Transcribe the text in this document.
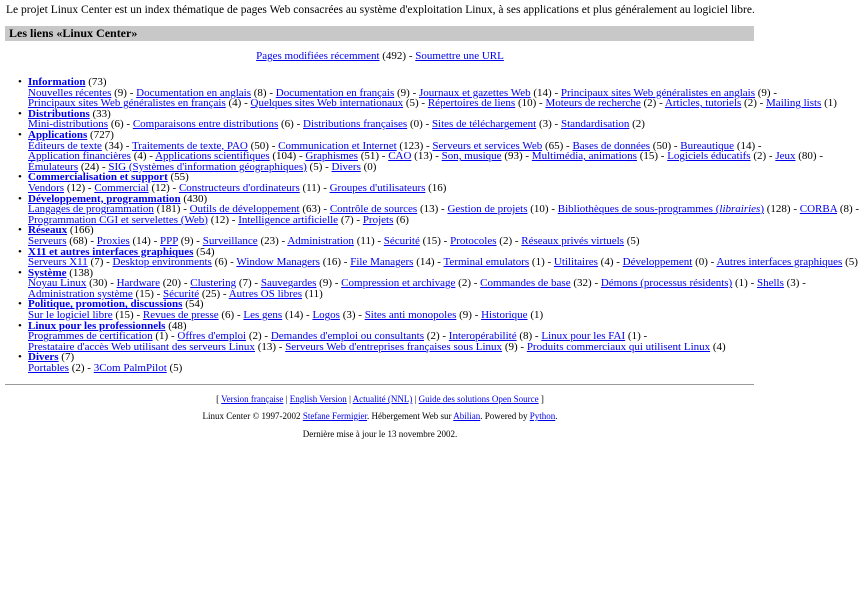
Le projet Linux Center est un index thématique de pages Web consacrées au système d'exploitation Linux, à ses applications et plus généralement au logiciel libre.
Les liens «Linux Center»
Pages modifiées récemment (492) - Soumettre une URL
• Information (73)
Nouvelles récentes (9) - Documentation en anglais (8) - Documentation en français (9) - Journaux et gazettes Web (14) - Principaux sites Web généralistes en anglais (9) -
Principaux sites Web généralistes en français (4) - Quelques sites Web internationaux (5) - Répertoires de liens (10) - Moteurs de recherche (2) - Articles, tutoriels (2) - Mailing lists (1)
• Distributions (33)
Mini-distributions (6) - Comparaisons entre distributions (6) - Distributions françaises (0) - Sites de téléchargement (3) - Standardisation (2)
• Applications (727)
Éditeurs de texte (34) - Traitements de texte, PAO (50) - Communication et Internet (123) - Serveurs et services Web (65) - Bases de données (50) - Bureautique (14) -
Application financières (4) - Applications scientifiques (104) - Graphismes (51) - CAO (13) - Son, musique (93) - Multimédia, animations (15) - Logiciels éducatifs (2) - Jeux (80) -
Émulateurs (24) - SIG (Systèmes d'information géographiques) (5) - Divers (0)
• Commercialisation et support (55)
Vendors (12) - Commercial (12) - Constructeurs d'ordinateurs (11) - Groupes d'utilisateurs (16)
• Développement, programmation (430)
Langages de programmation (181) - Outils de développement (63) - Contrôle de sources (13) - Gestion de projets (10) - Bibliothèques de sous-programmes (librairies) (128) - CORBA (8) -
Programmation CGI et servelettes (Web) (12) - Intelligence artificielle (7) - Projets (6)
• Réseaux (166)
Serveurs (68) - Proxies (14) - PPP (9) - Surveillance (23) - Administration (11) - Sécurité (15) - Protocoles (2) - Réseaux privés virtuels (5)
• X11 et autres interfaces graphiques (54)
Serveurs X11 (7) - Desktop environments (6) - Window Managers (16) - File Managers (14) - Terminal emulators (1) - Utilitaires (4) - Développement (0) - Autres interfaces graphiques (5)
• Système (138)
Noyau Linux (30) - Hardware (20) - Clustering (7) - Sauvegardes (9) - Compression et archivage (2) - Commandes de base (32) - Démons (processus résidents) (1) - Shells (3) -
Administration système (15) - Sécurité (25) - Autres OS libres (11)
• Politique, promotion, discussions (54)
Sur le logiciel libre (15) - Revues de presse (6) - Les gens (14) - Logos (3) - Sites anti monopoles (9) - Historique (1)
• Linux pour les professionnels (48)
Programmes de certification (1) - Offres d'emploi (2) - Demandes d'emploi ou consultants (2) - Interopérabilité (8) - Linux pour les FAI (1) -
Prestataire d'accès Web utilisant des serveurs Linux (13) - Serveurs Web d'entreprises françaises sous Linux (9) - Produits commerciaux qui utilisent Linux (4)
• Divers (7)
Portables (2) - 3Com PalmPilot (5)
[ Version française | English Version | Actualité (NNL) | Guide des solutions Open Source ]
Linux Center © 1997-2002 Stefane Fermigier. Hébergement Web sur Abilian. Powered by Python.
Dernière mise à jour le 13 novembre 2002.
